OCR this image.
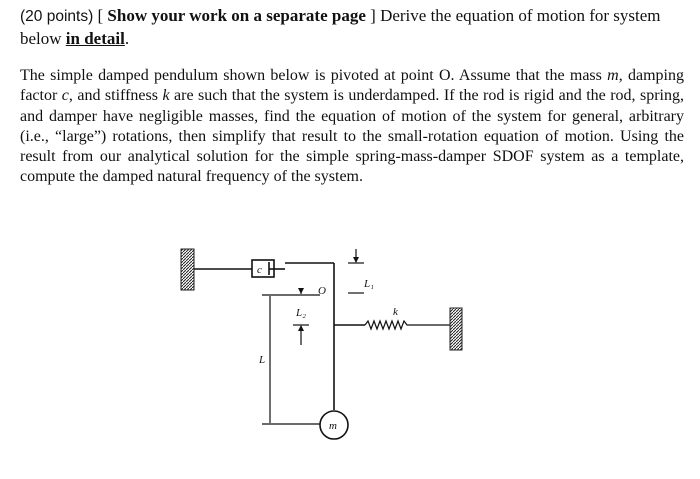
(20 points) [ Show your work on a separate page ] Derive the equation of motion for system below in detail.
The simple damped pendulum shown below is pivoted at point O. Assume that the mass m, damping factor c, and stiffness k are such that the system is underdamped. If the rod is rigid and the rod, spring, and damper have negligible masses, find the equation of motion of the system for general, arbitrary (i.e., “large”) rotations, then simplify that result to the small-rotation equation of motion. Using the result from our analytical solution for the simple spring-mass-damper SDOF system as a template, compute the damped natural frequency of the system.
c
O
L₁
k
L₂
L
m
